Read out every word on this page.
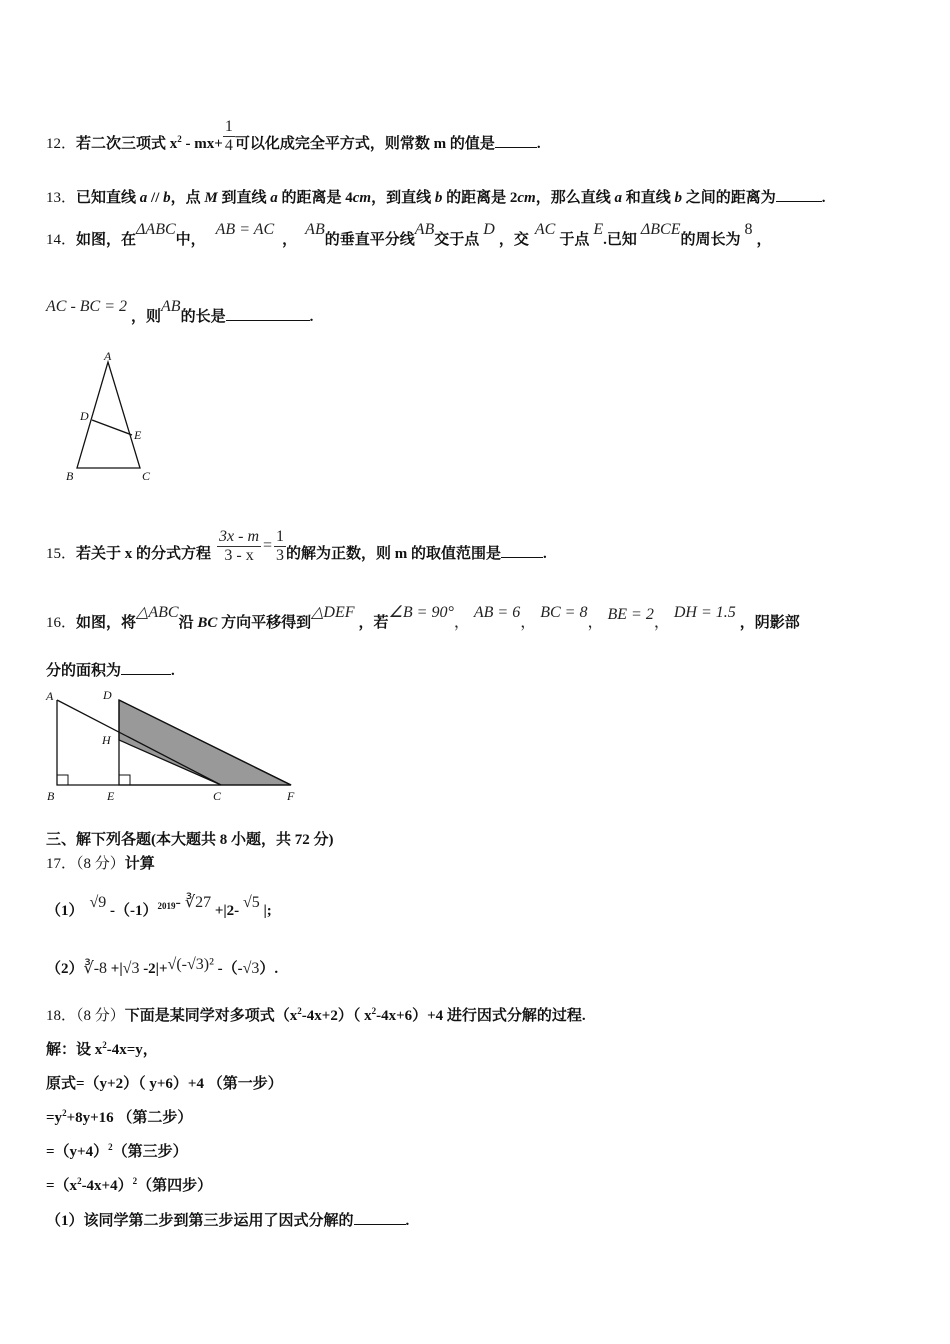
12．若二次三项式 $x^2 - mx+ \frac{1}{4}$ 可以化成完全平方式，则常数 m 的值是	.
13．已知直线 a // b，点 M 到直线 a 的距离是 4cm，到直线 b 的距离是 2cm，那么直线 a 和直线 b 之间的距离为	.
14．如图，在ΔABC中，AB = AC，AB的垂直平分线AB交于点D，交AC于点E.已知ΔBCE的周长为8，
AC - BC = 2，则AB的长是	.
A
D
E
B	C
15．若关于 x 的分式方程 $\frac{3x - m}{3 - x} = \frac{1}{3}$ 的解为正数，则 m 的取值范围是	.
16．如图，将△ABC沿 BC 方向平移得到△DEF，若∠B = 90°，AB = 6，BC = 8， BE = 2，DH = 1.5，阴影部
分的面积为	.
A	D
H
B	E	C	F
三、解下列各题(本大题共 8 小题，共 72 分)
17．（8 分）计算
（1） √9 $-(-1)^{2019}-$ ∛27 +|2- √5 |;
（2）∛-8 +|√3 -2|+√(-√3)² -（-√3）.
18．（8 分）下面是某同学对多项式$(x^2-4x+2)$（ $x^2-4x+6)+4$ 进行因式分解的过程.
解：设 $x^2-4x=y$，
原式=（y+2）（ y+6）+4 （第一步）
$=y^2+8y+16$ （第二步）
$=(y+4)^2$（第三步）
$=(x^2-4x+4)^2$（第四步）
（1）该同学第二步到第三步运用了因式分解的	.
